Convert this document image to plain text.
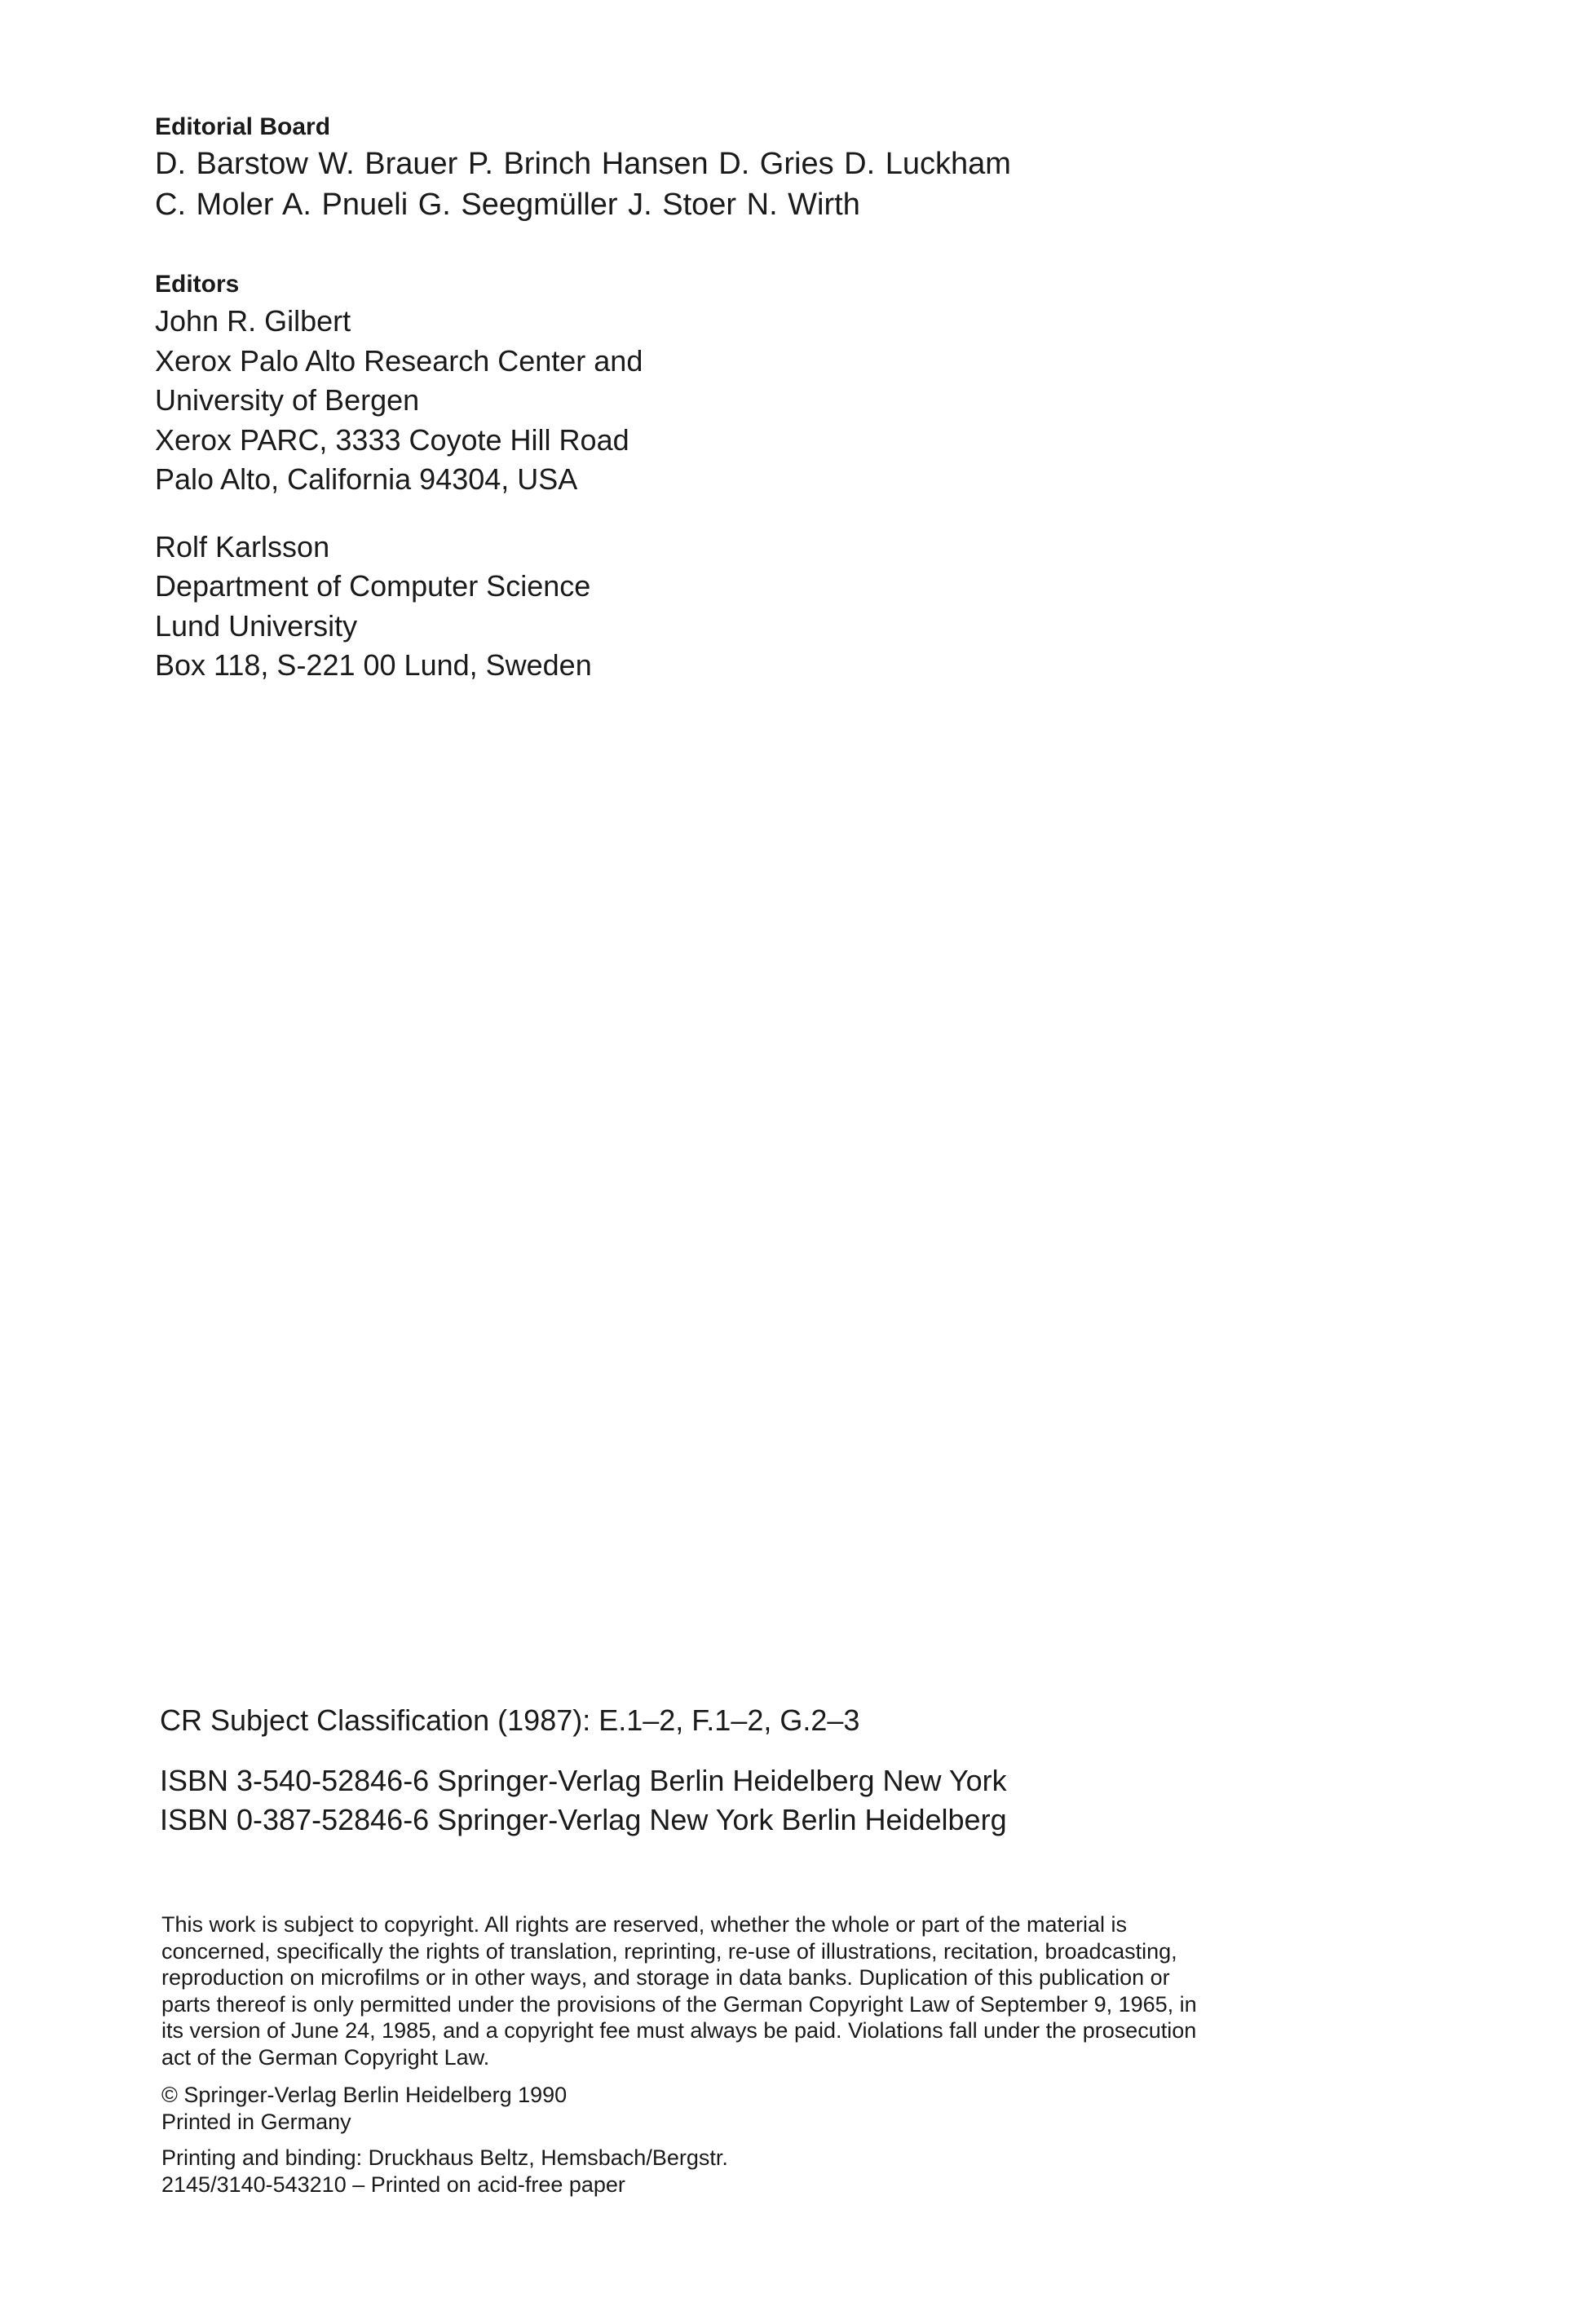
Editorial Board

D. Barstow W. Brauer P. Brinch Hansen D. Gries D. Luckham

C. Moler A. Pnueli G. Seegmüller J. Stoer N. Wirth

Editors

John R. Gilbert

Xerox Palo Alto Research Center and

University of Bergen

Xerox PARC, 3333 Coyote Hill Road

Palo Alto, California 94304, USA

Rolf Karlsson

Department of Computer Science

Lund University

Box 118, S-221 00 Lund, Sweden

CR Subject Classification (1987): E.1–2, F.1–2, G.2–3

ISBN 3-540-52846-6 Springer-Verlag Berlin Heidelberg New York

ISBN 0-387-52846-6 Springer-Verlag New York Berlin Heidelberg

This work is subject to copyright. All rights are reserved, whether the whole or part of the material is concerned, specifically the rights of translation, reprinting, re-use of illustrations, recitation, broadcasting, reproduction on microfilms or in other ways, and storage in data banks. Duplication of this publication or parts thereof is only permitted under the provisions of the German Copyright Law of September 9, 1965, in its version of June 24, 1985, and a copyright fee must always be paid. Violations fall under the prosecution act of the German Copyright Law.

© Springer-Verlag Berlin Heidelberg 1990

Printed in Germany

Printing and binding: Druckhaus Beltz, Hemsbach/Bergstr.

2145/3140-543210 – Printed on acid-free paper
